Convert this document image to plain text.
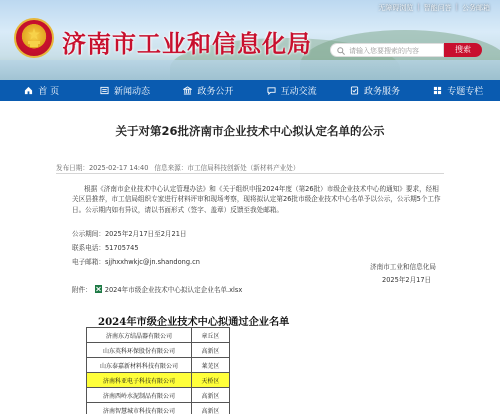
济南市工业和信息化局
无障碍浏览 | 智能问答 | 公务邮箱
请输入您要搜索的内容	搜索
首 页	新闻动态	政务公开	互动交流	政务服务	专题专栏
关于对第26批济南市企业技术中心拟认定名单的公示
发布日期：2025-02-17 14:40 信息来源：市工信局科技创新处（新材料产业处）

根据《济南市企业技术中心认定管理办法》和《关于组织申报2024年度（第26批）市级企业技术中心的通知》要求，经相关区县推荐，市工信局组织专家进行材料评审和现场考察，现将拟认定第26批市级企业技术中心名单予以公示，公示期5个工作日。公示期内如有异议，请以书面形式（签字、盖章）反馈至我处邮箱。

公示期间：2025年2月17日至2月21日
联系电话：51705745
电子邮箱：sjjhxxhwkjc@jn.shandong.cn
济南市工业和信息化局
2025年2月17日
附件： 2024年市级企业技术中心拟认定企业名单.xlsx
2024年市级企业技术中心拟通过企业名单
济南东方结晶器有限公司	章丘区
山东英科环保股份有限公司	高新区
山东泰嘉新材料科技有限公司	莱芜区
济南科亚电子科技有限公司	天桥区
济南西岭水泥制品有限公司	高新区
济南智慧城市科技有限公司	高新区
